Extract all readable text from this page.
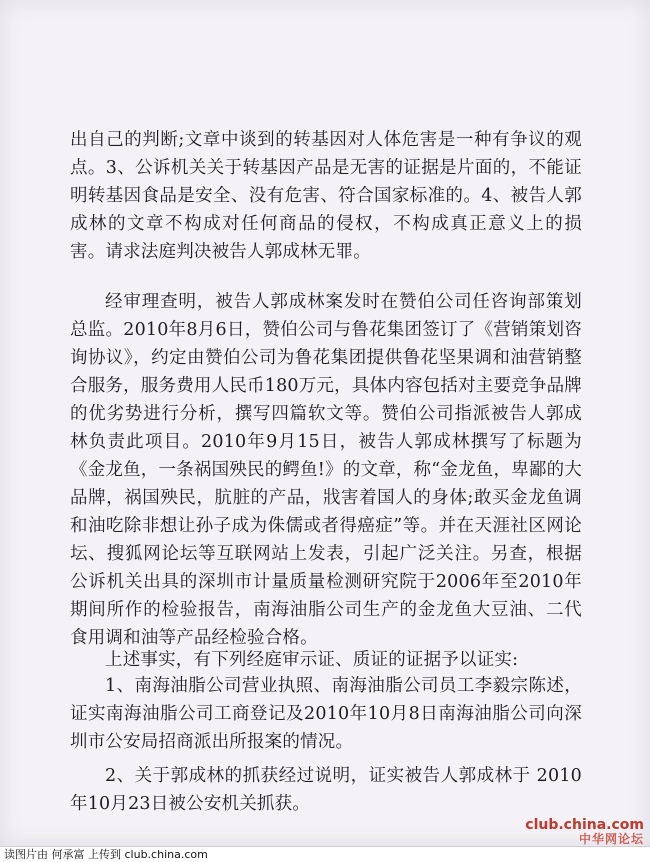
出自己的判断;文章中谈到的转基因对人体危害是一种有争议的观点。3、公诉机关关于转基因产品是无害的证据是片面的，不能证明转基因食品是安全、没有危害、符合国家标准的。4、被告人郭成林的文章不构成对任何商品的侵权，不构成真正意义上的损害。请求法庭判决被告人郭成林无罪。

经审理查明，被告人郭成林案发时在赞伯公司任咨询部策划总监。2010年8月6日，赞伯公司与鲁花集团签订了《营销策划咨询协议》，约定由赞伯公司为鲁花集团提供鲁花坚果调和油营销整合服务，服务费用人民币180万元，具体内容包括对主要竞争品牌的优劣势进行分析，撰写四篇软文等。赞伯公司指派被告人郭成林负责此项目。2010年9月15日，被告人郭成林撰写了标题为《金龙鱼，一条祸国殃民的鳄鱼!》的文章，称“金龙鱼，卑鄙的大品牌，祸国殃民，肮脏的产品，戕害着国人的身体;敢买金龙鱼调和油吃除非想让孙子成为侏儒或者得癌症”等。并在天涯社区网论坛、搜狐网论坛等互联网站上发表，引起广泛关注。另查，根据公诉机关出具的深圳市计量质量检测研究院于2006年至2010年期间所作的检验报告，南海油脂公司生产的金龙鱼大豆油、二代食用调和油等产品经检验合格。

上述事实，有下列经庭审示证、质证的证据予以证实:

1、南海油脂公司营业执照、南海油脂公司员工李毅宗陈述，证实南海油脂公司工商登记及2010年10月8日南海油脂公司向深圳市公安局招商派出所报案的情况。

2、关于郭成林的抓获经过说明，证实被告人郭成林于 2010年10月23日被公安机关抓获。

club.china.com
中华网论坛
读图片由 何承富 上传到 club.china.com
